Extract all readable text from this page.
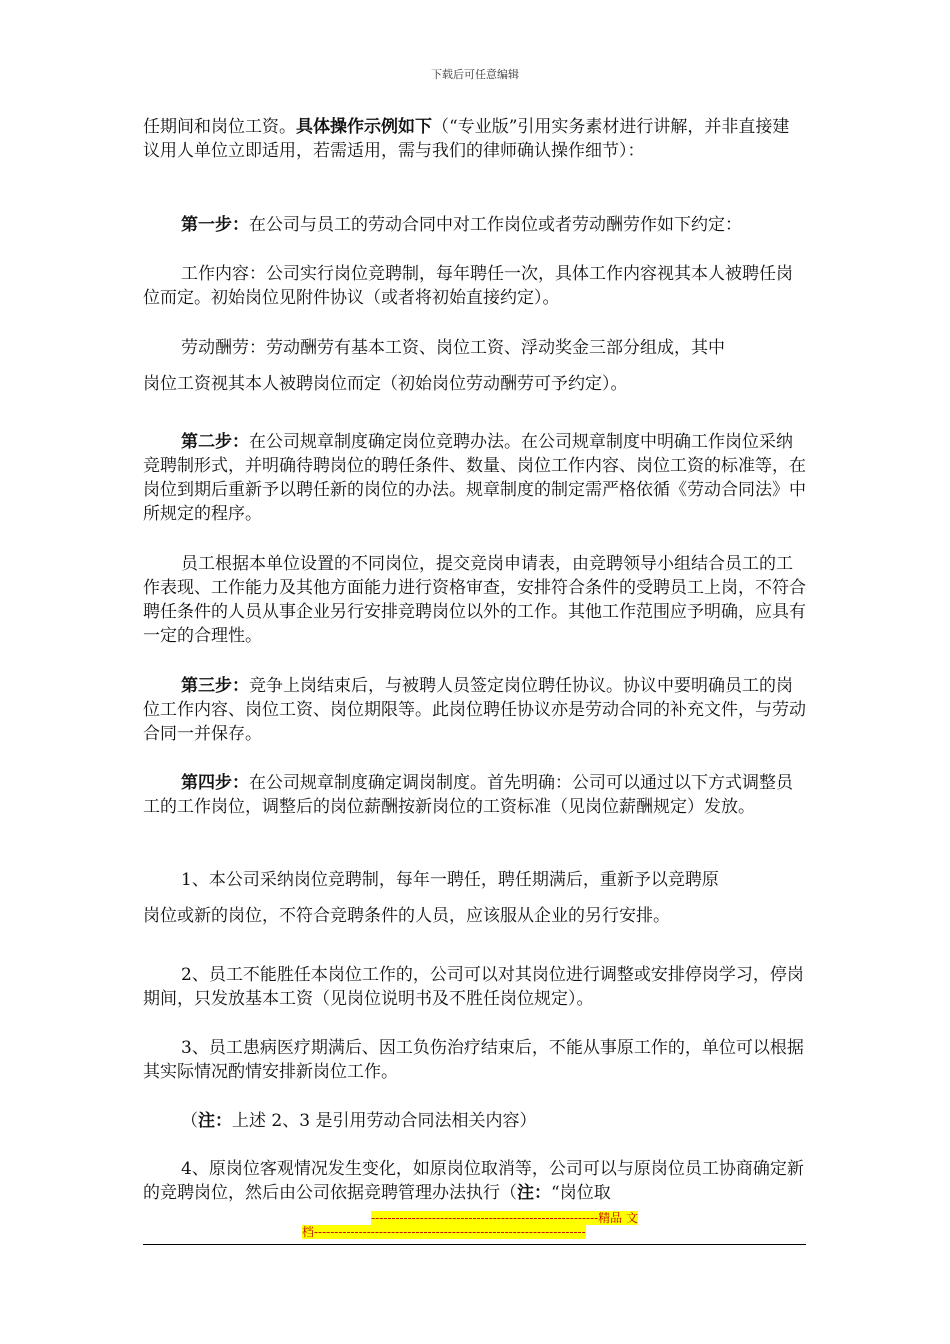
下载后可任意编辑

任期间和岗位工资。具体操作示例如下（“专业版”引用实务素材进行讲解，并非直接建议用人单位立即适用，若需适用，需与我们的律师确认操作细节）：

第一步：在公司与员工的劳动合同中对工作岗位或者劳动酬劳作如下约定：

工作内容：公司实行岗位竞聘制，每年聘任一次，具体工作内容视其本人被聘任岗位而定。初始岗位见附件协议（或者将初始直接约定）。

劳动酬劳：劳动酬劳有基本工资、岗位工资、浮动奖金三部分组成，其中

岗位工资视其本人被聘岗位而定（初始岗位劳动酬劳可予约定）。

第二步：在公司规章制度确定岗位竞聘办法。在公司规章制度中明确工作岗位采纳竞聘制形式，并明确待聘岗位的聘任条件、数量、岗位工作内容、岗位工资的标准等，在岗位到期后重新予以聘任新的岗位的办法。规章制度的制定需严格依循《劳动合同法》中所规定的程序。

员工根据本单位设置的不同岗位，提交竞岗申请表，由竞聘领导小组结合员工的工作表现、工作能力及其他方面能力进行资格审查，安排符合条件的受聘员工上岗，不符合聘任条件的人员从事企业另行安排竞聘岗位以外的工作。其他工作范围应予明确，应具有一定的合理性。

第三步：竞争上岗结束后，与被聘人员签定岗位聘任协议。协议中要明确员工的岗位工作内容、岗位工资、岗位期限等。此岗位聘任协议亦是劳动合同的补充文件，与劳动合同一并保存。

第四步：在公司规章制度确定调岗制度。首先明确：公司可以通过以下方式调整员工的工作岗位，调整后的岗位薪酬按新岗位的工资标准（见岗位薪酬规定）发放。

1、本公司采纳岗位竞聘制，每年一聘任，聘任期满后，重新予以竞聘原

岗位或新的岗位，不符合竞聘条件的人员，应该服从企业的另行安排。

2、员工不能胜任本岗位工作的，公司可以对其岗位进行调整或安排停岗学习，停岗期间，只发放基本工资（见岗位说明书及不胜任岗位规定）。

3、员工患病医疗期满后、因工负伤治疗结束后，不能从事原工作的，单位可以根据其实际情况酌情安排新岗位工作。

（注：上述 2、3 是引用劳动合同法相关内容）

4、原岗位客观情况发生变化，如原岗位取消等，公司可以与原岗位员工协商确定新的竞聘岗位，然后由公司依据竞聘管理办法执行（注：“岗位取

--------------------------------------------------------精品 文
档-------------------------------------------------------------------
